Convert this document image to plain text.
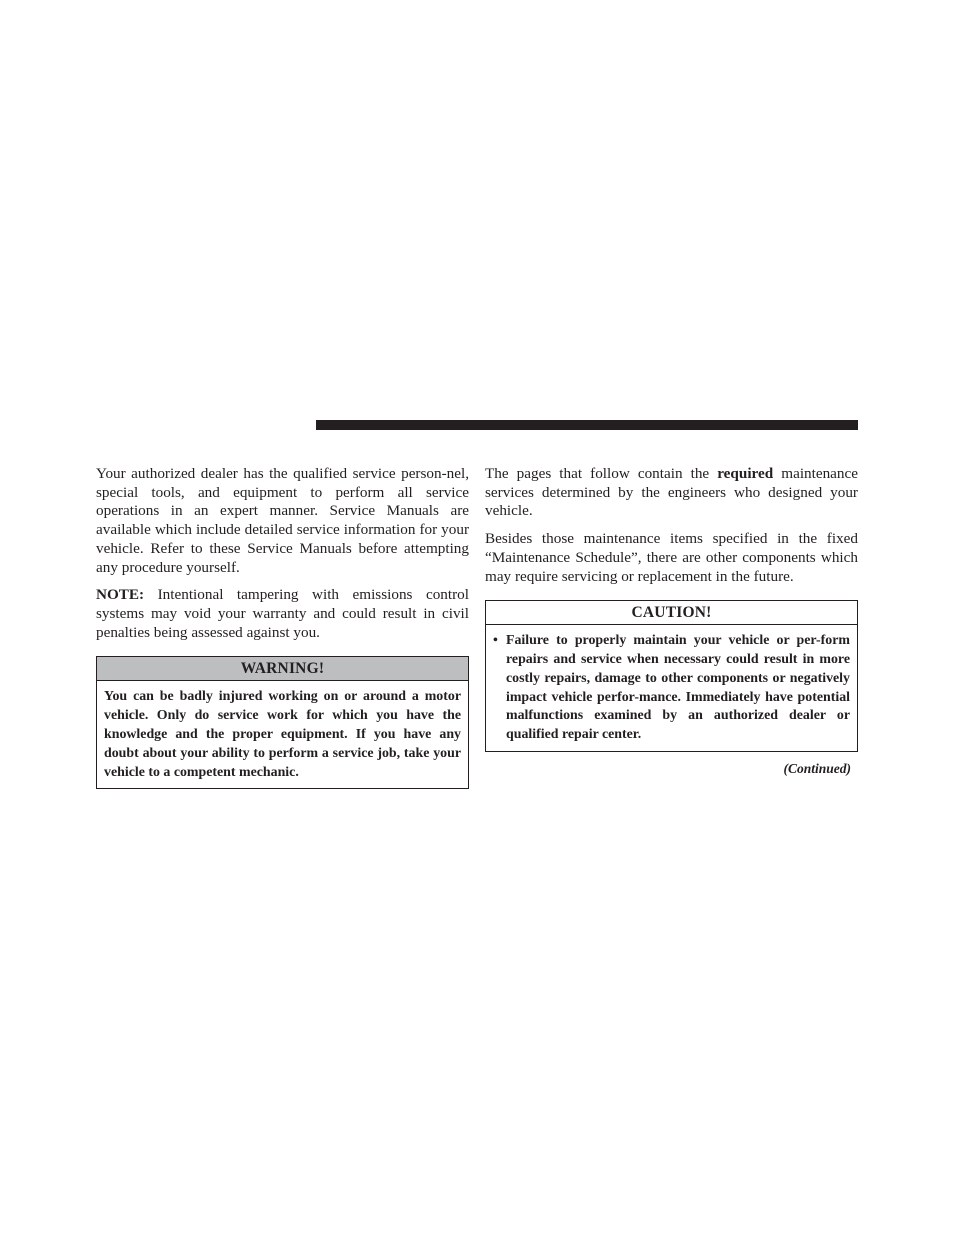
Your authorized dealer has the qualified service person-nel, special tools, and equipment to perform all service operations in an expert manner. Service Manuals are available which include detailed service information for your vehicle. Refer to these Service Manuals before attempting any procedure yourself.

NOTE: Intentional tampering with emissions control systems may void your warranty and could result in civil penalties being assessed against you.

WARNING!
You can be badly injured working on or around a motor vehicle. Only do service work for which you have the knowledge and the proper equipment. If you have any doubt about your ability to perform a service job, take your vehicle to a competent mechanic.

The pages that follow contain the required maintenance services determined by the engineers who designed your vehicle.

Besides those maintenance items specified in the fixed “Maintenance Schedule”, there are other components which may require servicing or replacement in the future.

CAUTION!
• Failure to properly maintain your vehicle or per-form repairs and service when necessary could result in more costly repairs, damage to other components or negatively impact vehicle perfor-mance. Immediately have potential malfunctions examined by an authorized dealer or qualified repair center.
(Continued)
